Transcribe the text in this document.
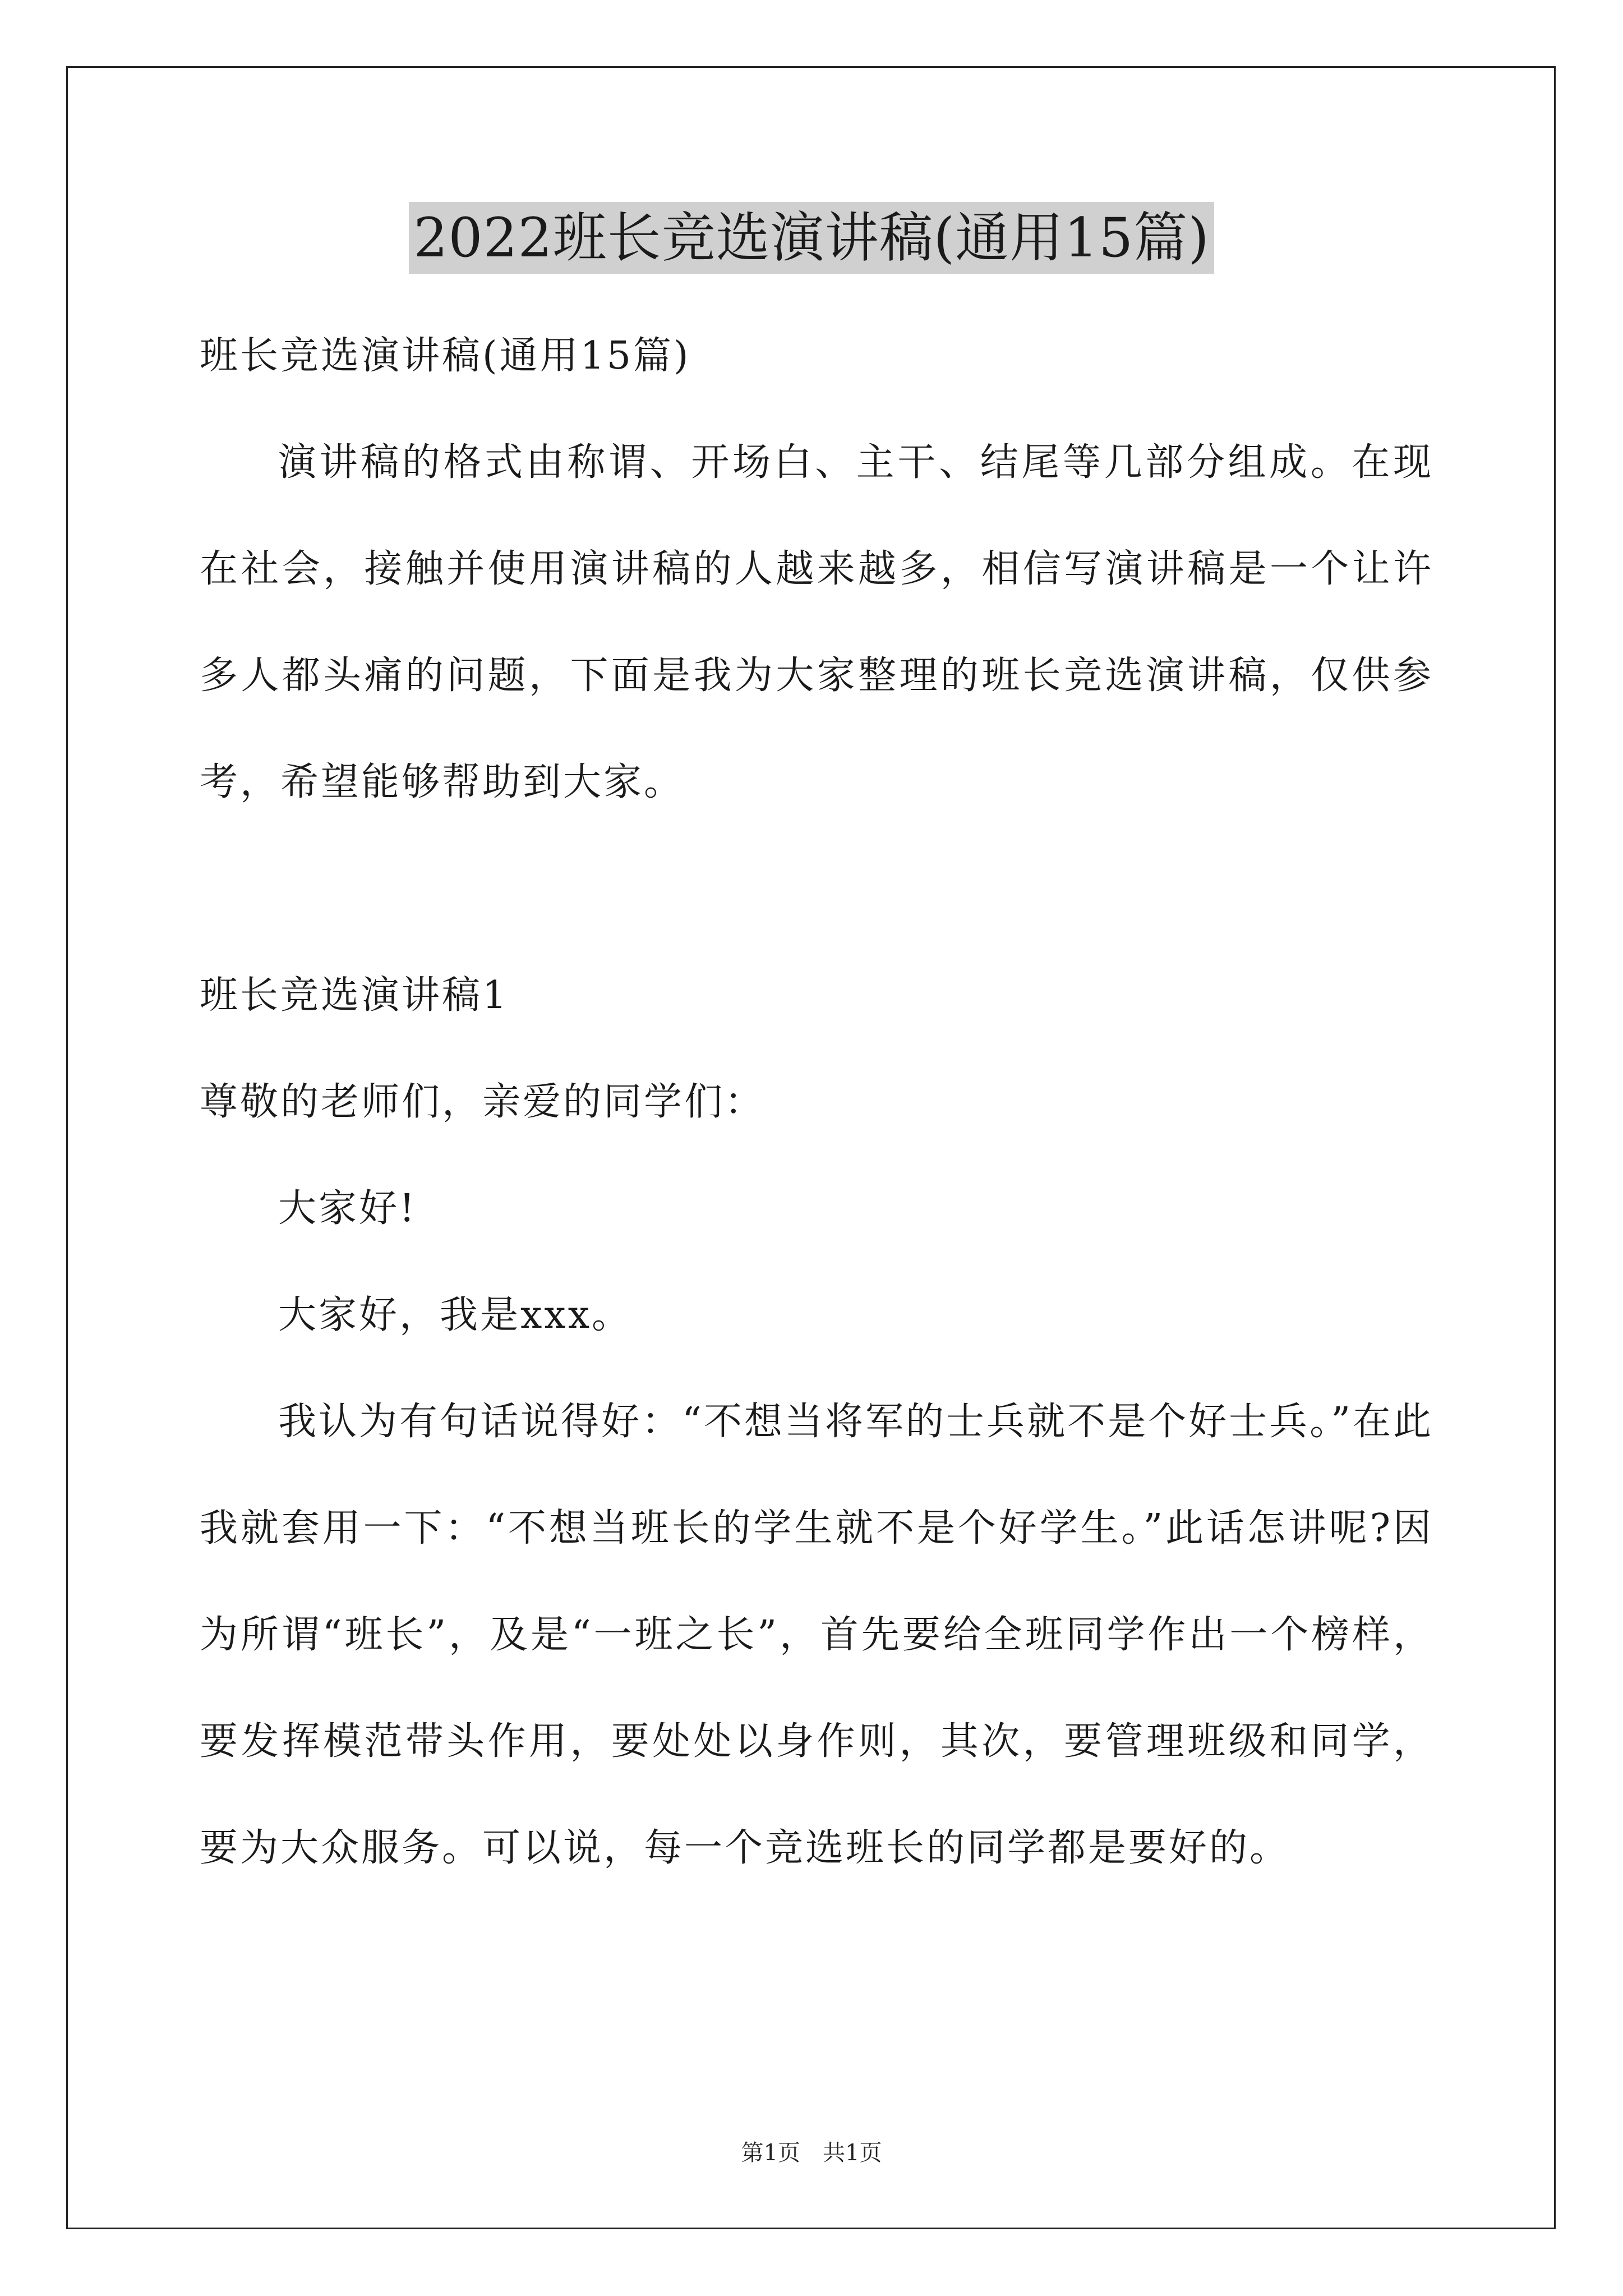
2022班长竞选演讲稿(通用15篇)
班长竞选演讲稿(通用15篇)
演讲稿的格式由称谓、开场白、主干、结尾等几部分组成。在现在社会，接触并使用演讲稿的人越来越多，相信写演讲稿是一个让许多人都头痛的问题，下面是我为大家整理的班长竞选演讲稿，仅供参考，希望能够帮助到大家。
班长竞选演讲稿1
尊敬的老师们，亲爱的同学们：
大家好!
大家好，我是xxx。
我认为有句话说得好：“不想当将军的士兵就不是个好士兵。”在此我就套用一下：“不想当班长的学生就不是个好学生。”此话怎讲呢?因为所谓“班长”，及是“一班之长”，首先要给全班同学作出一个榜样，要发挥模范带头作用，要处处以身作则，其次，要管理班级和同学，要为大众服务。可以说，每一个竞选班长的同学都是要好的。
第1页 共1页
